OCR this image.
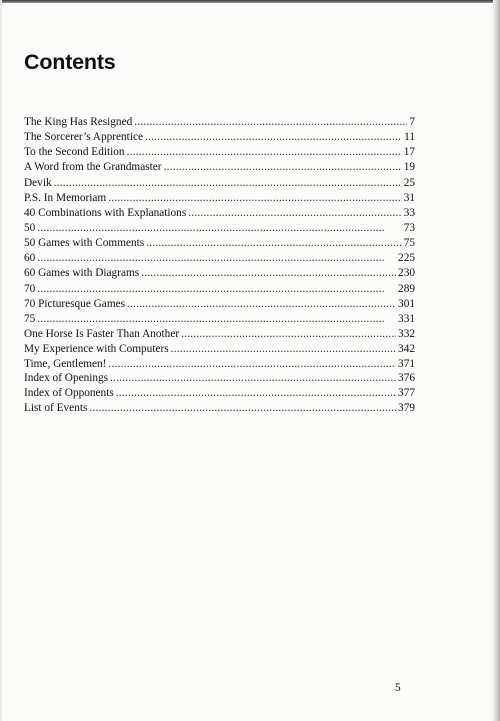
Contents
The King Has Resigned . . .	7
The Sorcerer’s Apprentice . . .	11
To the Second Edition . . .	17
A Word from the Grandmaster . . .	19
Devik . . .	25
P.S. In Memoriam . . .	31
40 Combinations with Explanations . . .	33
50 . . .	73
50 Games with Comments . . .	75
60 . . .	225
60 Games with Diagrams . . .	230
70 . . .	289
70 Picturesque Games . . .	301
75 . . .	331
One Horse Is Faster Than Another . . .	332
My Experience with Computers . . .	342
Time, Gentlemen! . . .	371
Index of Openings . . .	376
Index of Opponents . . .	377
List of Events . . .	379
5
